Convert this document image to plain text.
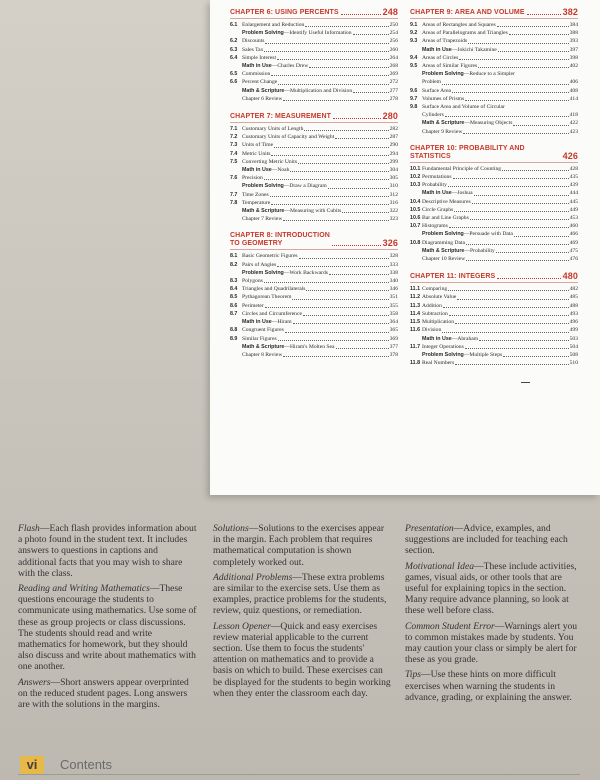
CHAPTER 6: USING PERCENTS	248
6.1 Enlargement and Reduction	250
Problem Solving—Identify Useful Information	254
6.2 Discounts	256
6.3 Sales Tax	260
6.4 Simple Interest	264
Math in Use—Charles Drew	268
6.5 Commission	269
6.6 Percent Change	272
Math & Scripture—Multiplication and Division	277
Chapter 6 Review	278
CHAPTER 7: MEASUREMENT	280
7.1 Customary Units of Length	282
7.2 Customary Units of Capacity and Weight	287
7.3 Units of Time	290
7.4 Metric Units	294
7.5 Converting Metric Units	299
Math in Use—Noah	304
7.6 Precision	305
Problem Solving—Draw a Diagram	310
7.7 Time Zones	312
7.8 Temperature	316
Math & Scripture—Measuring with Cubits	322
Chapter 7 Review	323
CHAPTER 8: INTRODUCTION
TO GEOMETRY	326
8.1 Basic Geometric Figures	328
8.2 Pairs of Angles	333
Problem Solving—Work Backwards	338
8.3 Polygons	340
8.4 Triangles and Quadrilaterals	346
8.5 Pythagorean Theorem	351
8.6 Perimeter	355
8.7 Circles and Circumference	358
Math in Use—Hiram	364
8.8 Congruent Figures	365
8.9 Similar Figures	369
Math & Scripture—Hiram's Molten Sea	377
Chapter 8 Review	378
CHAPTER 9: AREA AND VOLUME	382
9.1 Areas of Rectangles and Squares	384
9.2 Areas of Parallelograms and Triangles	388
9.3 Areas of Trapezoids	393
Math in Use—Jokichi Takamine	397
9.4 Areas of Circles	398
9.5 Areas of Similar Figures	402
Problem Solving—Reduce to a Simpler
Problem	406
9.6 Surface Area	408
9.7 Volumes of Prisms	414
9.8 Surface Area and Volume of Circular
Cylinders	418
Math & Scripture—Measuring Objects	422
Chapter 9 Review	423
CHAPTER 10: PROBABILITY AND STATISTICS	426
10.1 Fundamental Principle of Counting	428
10.2 Permutations	435
10.3 Probability	439
Math in Use—Joshua	444
10.4 Descriptive Measures	445
10.5 Circle Graphs	449
10.6 Bar and Line Graphs	453
10.7 Histograms	460
Problem Solving—Persuade with Data	466
10.8 Diagramming Data	469
Math & Scripture—Probability	475
Chapter 10 Review	476
CHAPTER 11: INTEGERS	480
11.1 Comparing	482
11.2 Absolute Value	485
11.3 Addition	488
11.4 Subtraction	493
11.5 Multiplication	496
11.6 Division	499
Math in Use—Abraham	503
11.7 Integer Operations	504
Problem Solving—Multiple Steps	508
11.8 Real Numbers	510

Flash—Each flash provides information about a photo found in the student text. It includes answers to questions in captions and additional facts that you may wish to share with the class.

Reading and Writing Mathematics—These questions encourage the students to communicate using mathematics. Use some of these as group projects or class discussions. The students should read and write mathematics for homework, but they should also discuss and write about mathematics with one another.

Answers—Short answers appear overprinted on the reduced student pages. Long answers are with the solutions in the margins.

Solutions—Solutions to the exercises appear in the margin. Each problem that requires mathematical computation is shown completely worked out.

Additional Problems—These extra problems are similar to the exercise sets. Use them as examples, practice problems for the students, review, quiz questions, or remediation.

Lesson Opener—Quick and easy exercises review material applicable to the current section. Use them to focus the students' attention on mathematics and to provide a basis on which to build. These exercises can be displayed for the students to begin working when they enter the classroom each day.

Presentation—Advice, examples, and suggestions are included for teaching each section.

Motivational Idea—These include activities, games, visual aids, or other tools that are useful for explaining topics in the section. Many require advance planning, so look at these well before class.

Common Student Error—Warnings alert you to common mistakes made by students. You may caution your class or simply be alert for these as you grade.

Tips—Use these hints on more difficult exercises when warning the students in advance, grading, or explaining the answer.

vi	Contents
